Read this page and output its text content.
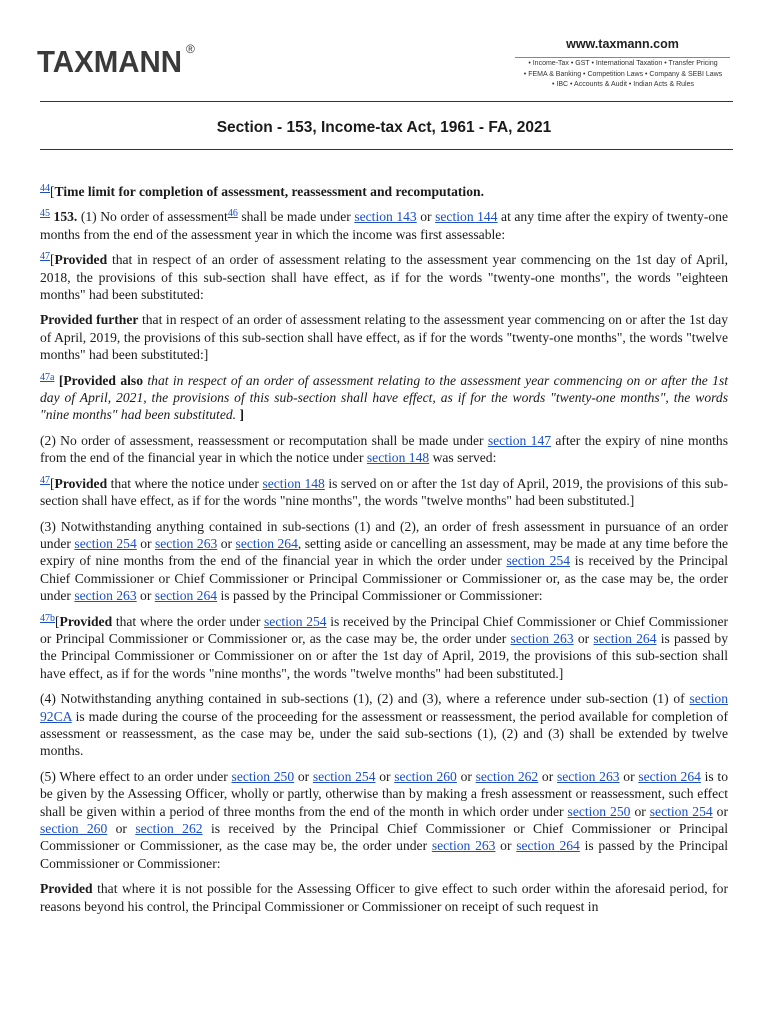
TAXMANN ®	www.taxmann.com
• Income-Tax • GST • International Taxation • Transfer Pricing
• FEMA & Banking • Competition Laws • Company & SEBI Laws
• IBC • Accounts & Audit • Indian Acts & Rules
Section - 153, Income-tax Act, 1961 - FA, 2021

$^{44}$[Time limit for completion of assessment, reassessment and recomputation.

$^{45}$ 153. (1) No order of assessment$^{46}$ shall be made under section 143 or section 144 at any time after the expiry of twenty-one months from the end of the assessment year in which the income was first assessable:

$^{47}$[Provided that in respect of an order of assessment relating to the assessment year commencing on the 1st day of April, 2018, the provisions of this sub-section shall have effect, as if for the words "twenty-one months", the words "eighteen months" had been substituted:

Provided further that in respect of an order of assessment relating to the assessment year commencing on or after the 1st day of April, 2019, the provisions of this sub-section shall have effect, as if for the words "twenty-one months", the words "twelve months" had been substituted:]

$^{47a}$ [Provided also that in respect of an order of assessment relating to the assessment year commencing on or after the 1st day of April, 2021, the provisions of this sub-section shall have effect, as if for the words "twenty-one months", the words "nine months" had been substituted. ]

(2) No order of assessment, reassessment or recomputation shall be made under section 147 after the expiry of nine months from the end of the financial year in which the notice under section 148 was served:

$^{47}$[Provided that where the notice under section 148 is served on or after the 1st day of April, 2019, the provisions of this sub-section shall have effect, as if for the words "nine months", the words "twelve months" had been substituted.]

(3) Notwithstanding anything contained in sub-sections (1) and (2), an order of fresh assessment in pursuance of an order under section 254 or section 263 or section 264, setting aside or cancelling an assessment, may be made at any time before the expiry of nine months from the end of the financial year in which the order under section 254 is received by the Principal Chief Commissioner or Chief Commissioner or Principal Commissioner or Commissioner or, as the case may be, the order under section 263 or section 264 is passed by the Principal Commissioner or Commissioner:

$^{47b}$[Provided that where the order under section 254 is received by the Principal Chief Commissioner or Chief Commissioner or Principal Commissioner or Commissioner or, as the case may be, the order under section 263 or section 264 is passed by the Principal Commissioner or Commissioner on or after the 1st day of April, 2019, the provisions of this sub-section shall have effect, as if for the words "nine months", the words "twelve months" had been substituted.]

(4) Notwithstanding anything contained in sub-sections (1), (2) and (3), where a reference under sub-section (1) of section 92CA is made during the course of the proceeding for the assessment or reassessment, the period available for completion of assessment or reassessment, as the case may be, under the said sub-sections (1), (2) and (3) shall be extended by twelve months.

(5) Where effect to an order under section 250 or section 254 or section 260 or section 262 or section 263 or section 264 is to be given by the Assessing Officer, wholly or partly, otherwise than by making a fresh assessment or reassessment, such effect shall be given within a period of three months from the end of the month in which order under section 250 or section 254 or section 260 or section 262 is received by the Principal Chief Commissioner or Chief Commissioner or Principal Commissioner or Commissioner, as the case may be, the order under section 263 or section 264 is passed by the Principal Commissioner or Commissioner:

Provided that where it is not possible for the Assessing Officer to give effect to such order within the aforesaid period, for reasons beyond his control, the Principal Commissioner or Commissioner on receipt of such request in
